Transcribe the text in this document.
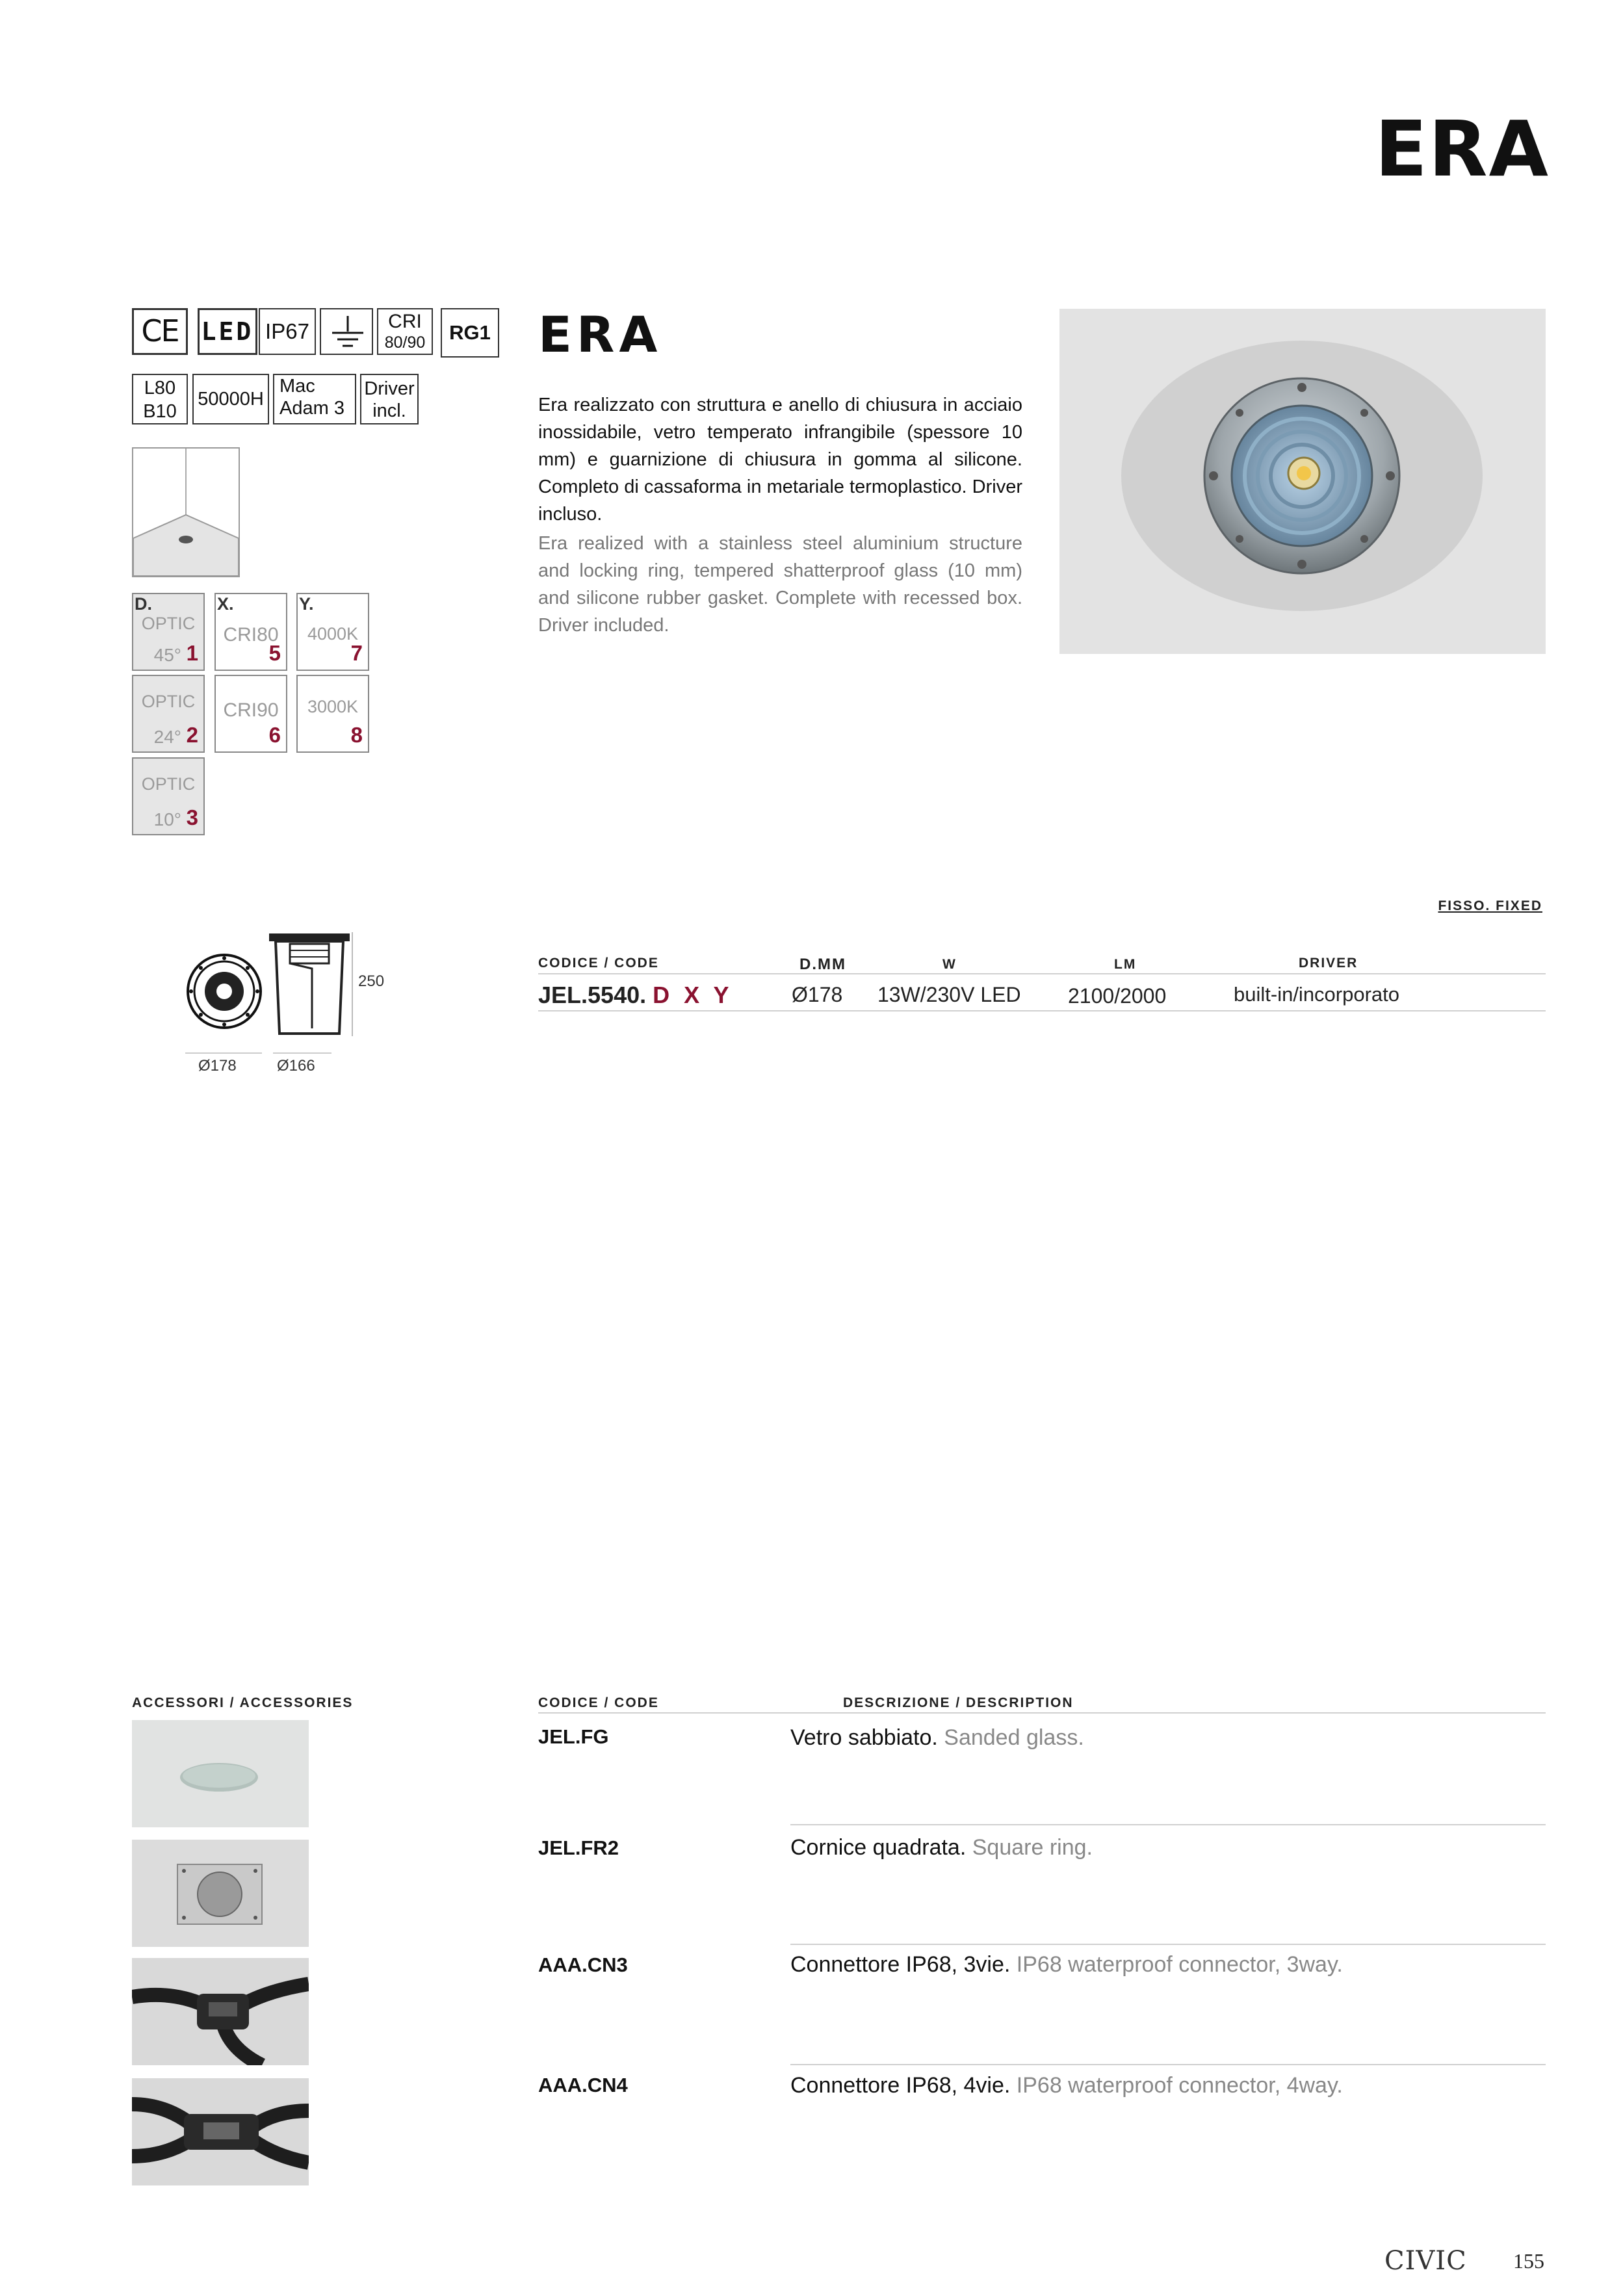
ERA
CE LED IP67	CRI
80/90	RG1
L80
B10
50000H
Mac
Adam 3
Driver
incl.
D.
OPTIC
45° 1
OPTIC
24° 2
OPTIC
10° 3
X.
CRI80
5
CRI90
6
Y.
4000K
7
3000K
8
ERA
Era realizzato con struttura e anello di chiusura in acciaio inossidabile, vetro temperato infrangibile (spessore 10 mm) e guarnizione di chiusura in gomma al silicone. Completo di cassaforma in metariale termoplastico. Driver incluso.
Era realized with a stainless steel aluminium structure and locking ring, tempered shatterproof glass (10 mm) and silicone rubber gasket. Complete with recessed box. Driver included.
250
Ø178	Ø166
FISSO. FIXED
CODICE / CODE	D.MM	W	LM	DRIVER
JEL.5540. D X Y	Ø178 13W/230V LED 2100/2000	built-in/incorporato
ACCESSORI / ACCESSORIES	CODICE / CODE	DESCRIZIONE / DESCRIPTION
JEL.FG	Vetro sabbiato. Sanded glass.
JEL.FR2	Cornice quadrata. Square ring.
AAA.CN3	Connettore IP68, 3vie. IP68 waterproof connector, 3way.
AAA.CN4	Connettore IP68, 4vie. IP68 waterproof connector, 4way.
CIVIC 155
